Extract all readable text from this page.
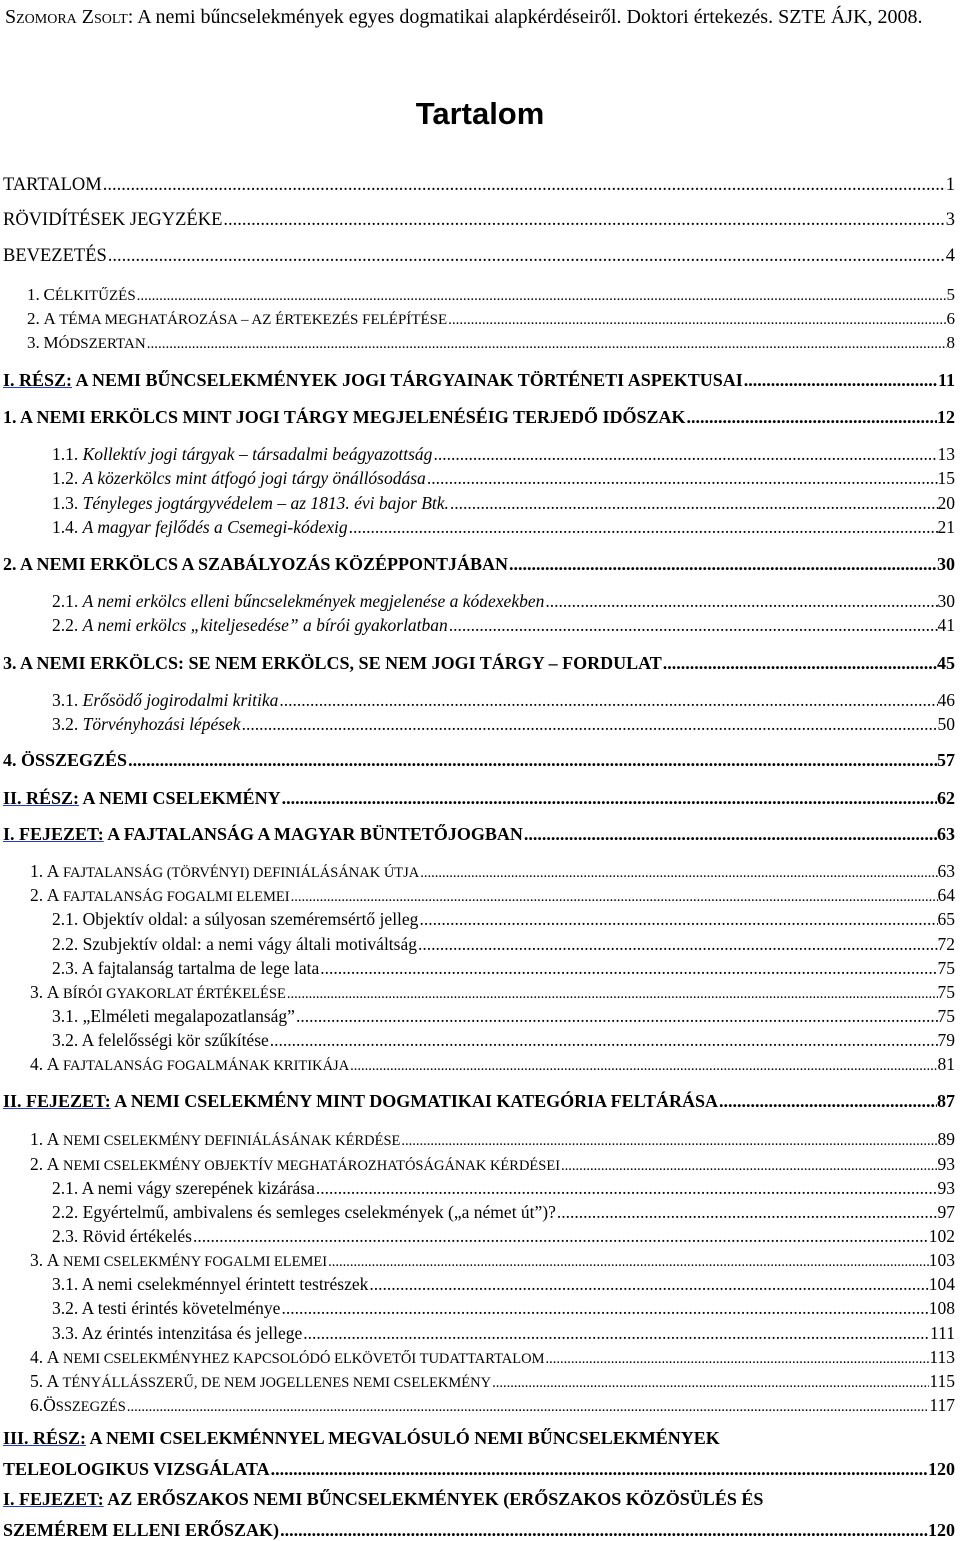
Szomora Zsolt: A nemi bűncselekmények egyes dogmatikai alapkérdéseiről. Doktori értekezés. SZTE ÁJK, 2008.
Tartalom
TARTALOM .....	1
RÖVIDÍTÉSEK JEGYZÉKE .....	3
BEVEZETÉS .....	4
1. CÉLKITŰZÉS .....	5
2. A TÉMA MEGHATÁROZÁSA – AZ ÉRTEKEZÉS FELÉPÍTÉSE .....	6
3. MÓDSZERTAN .....	8
I. RÉSZ: A NEMI BŰNCSELEKMÉNYEK JOGI TÁRGYAINAK TÖRTÉNETI ASPEKTUSAI .....	11
1. A NEMI ERKÖLCS MINT JOGI TÁRGY MEGJELENÉSÉIG TERJEDŐ IDŐSZAK .....	12
1.1. Kollektív jogi tárgyak – társadalmi beágyazottság .....	13
1.2. A közerkölcs mint átfogó jogi tárgy önállósodása .....	15
1.3. Tényleges jogtárgyvédelem – az 1813. évi bajor Btk. .....	20
1.4. A magyar fejlődés a Csemegi-kódexig .....	21
2. A NEMI ERKÖLCS A SZABÁLYOZÁS KÖZÉPPONTJÁBAN .....	30
2.1. A nemi erkölcs elleni bűncselekmények megjelenése a kódexekben .....	30
2.2. A nemi erkölcs „kiteljesedése” a bírói gyakorlatban .....	41
3. A NEMI ERKÖLCS: SE NEM ERKÖLCS, SE NEM JOGI TÁRGY – FORDULAT .....	45
3.1. Erősödő jogirodalmi kritika .....	46
3.2. Törvényhozási lépések .....	50
4. ÖSSZEGZÉS .....	57
II. RÉSZ: A NEMI CSELEKMÉNY .....	62
I. FEJEZET: A FAJTALANSÁG A MAGYAR BÜNTETŐJOGBAN .....	63
1. A FAJTALANSÁG (TÖRVÉNYI) DEFINIÁLÁSÁNAK ÚTJA .....	63
2. A FAJTALANSÁG FOGALMI ELEMEI .....	64
2.1. Objektív oldal: a súlyosan szeméremsértő jelleg .....	65
2.2. Szubjektív oldal: a nemi vágy általi motiváltság .....	72
2.3. A fajtalanság tartalma de lege lata .....	75
3. A BÍRÓI GYAKORLAT ÉRTÉKELÉSE .....	75
3.1. „Elméleti megalapozatlanság” .....	75
3.2. A felelősségi kör szűkítése .....	79
4. A FAJTALANSÁG FOGALMÁNAK KRITIKÁJA .....	81
II. FEJEZET: A NEMI CSELEKMÉNY MINT DOGMATIKAI KATEGÓRIA FELTÁRÁSA .....	87
1. A NEMI CSELEKMÉNY DEFINIÁLÁSÁNAK KÉRDÉSE .....	89
2. A NEMI CSELEKMÉNY OBJEKTÍV MEGHATÁROZHATÓSÁGÁNAK KÉRDÉSEI .....	93
2.1. A nemi vágy szerepének kizárása .....	93
2.2. Egyértelmű, ambivalens és semleges cselekmények („a német út”)? .....	97
2.3. Rövid értékelés .....	102
3. A NEMI CSELEKMÉNY FOGALMI ELEMEI .....	103
3.1. A nemi cselekménnyel érintett testrészek .....	104
3.2. A testi érintés követelménye .....	108
3.3. Az érintés intenzitása és jellege .....	111
4. A NEMI CSELEKMÉNYHEZ KAPCSOLÓDÓ ELKÖVETŐI TUDATTARTALOM .....	113
5. A TÉNYÁLLÁSSZERŰ, DE NEM JOGELLENES NEMI CSELEKMÉNY .....	115
6.ÖSSZEGZÉS .....	117
III. RÉSZ: A NEMI CSELEKMÉNNYEL MEGVALÓSULÓ NEMI BŰNCSELEKMÉNYEK
TELEOLOGIKUS VIZSGÁLATA .....	120
I. FEJEZET: AZ ERŐSZAKOS NEMI BŰNCSELEKMÉNYEK (ERŐSZAKOS KÖZÖSÜLÉS ÉS
SZEMÉREM ELLENI ERŐSZAK) .....	120
